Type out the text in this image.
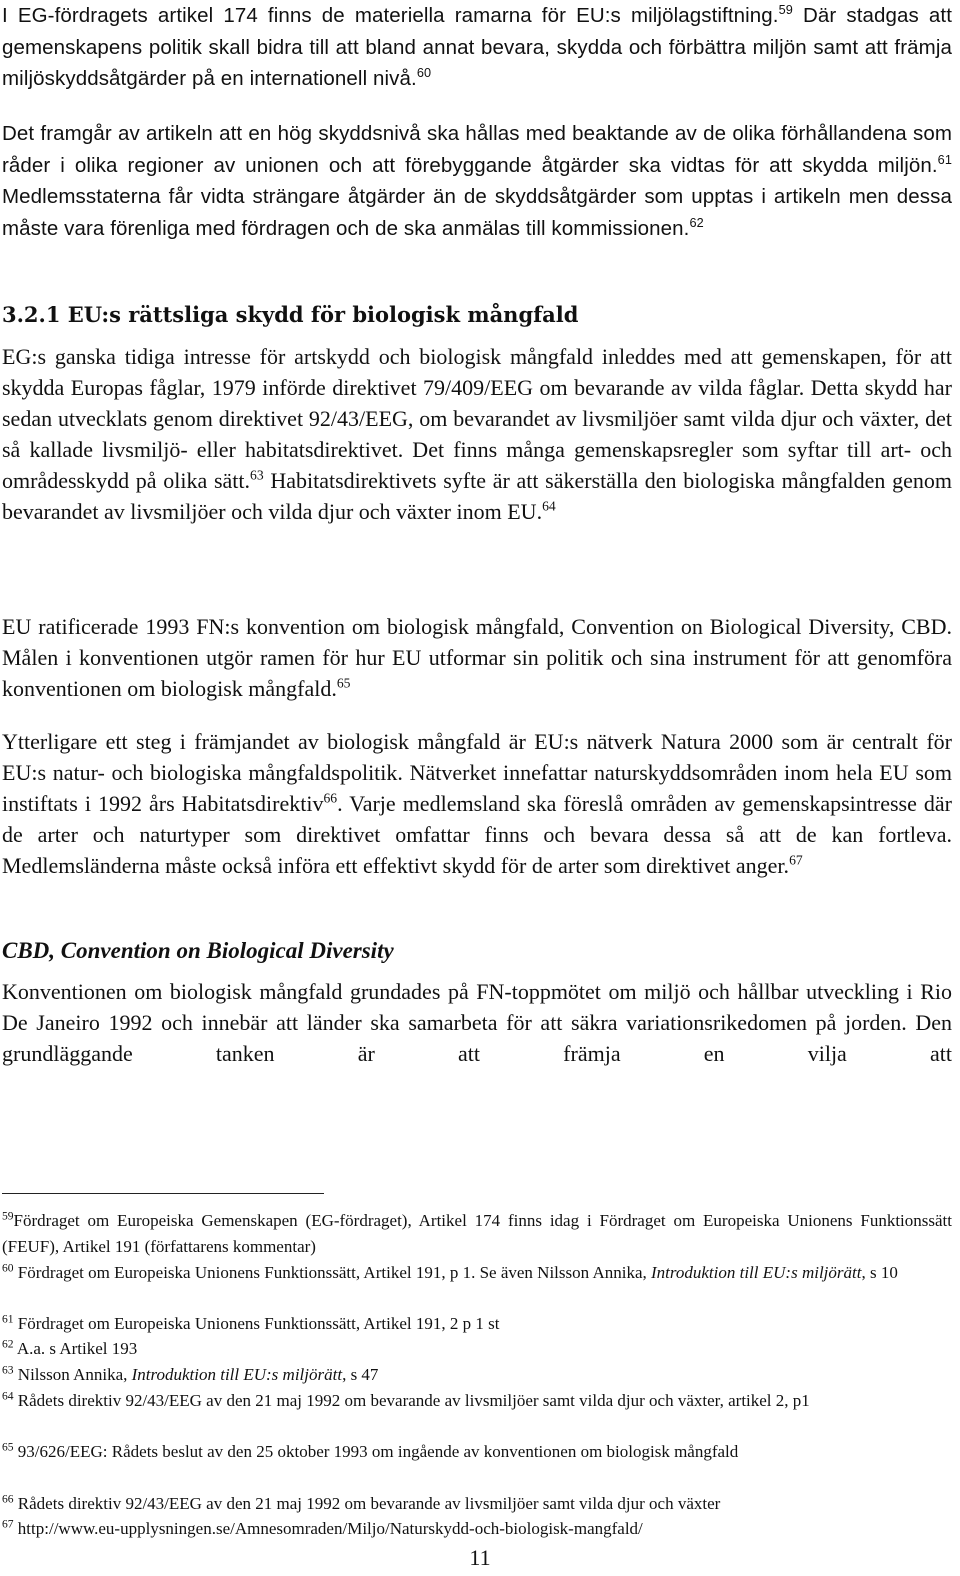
I EG-fördragets artikel 174 finns de materiella ramarna för EU:s miljölagstiftning.$^{59}$ Där stadgas att gemenskapens politik skall bidra till att bland annat bevara, skydda och förbättra miljön samt att främja miljöskyddsåtgärder på en internationell nivå.$^{60}$

Det framgår av artikeln att en hög skyddsnivå ska hållas med beaktande av de olika förhållandena som råder i olika regioner av unionen och att förebyggande åtgärder ska vidtas för att skydda miljön.$^{61}$ Medlemsstaterna får vidta strängare åtgärder än de skyddsåtgärder som upptas i artikeln men dessa måste vara förenliga med fördragen och de ska anmälas till kommissionen.$^{62}$

3.2.1 EU:s rättsliga skydd för biologisk mångfald

EG:s ganska tidiga intresse för artskydd och biologisk mångfald inleddes med att gemenskapen, för att skydda Europas fåglar, 1979 införde direktivet 79/409/EEG om bevarande av vilda fåglar. Detta skydd har sedan utvecklats genom direktivet 92/43/EEG, om bevarandet av livsmiljöer samt vilda djur och växter, det så kallade livsmiljö- eller habitatsdirektivet. Det finns många gemenskapsregler som syftar till art- och områdesskydd på olika sätt.$^{63}$ Habitatsdirektivets syfte är att säkerställa den biologiska mångfalden genom bevarandet av livsmiljöer och vilda djur och växter inom EU.$^{64}$

EU ratificerade 1993 FN:s konvention om biologisk mångfald, Convention on Biological Diversity, CBD. Målen i konventionen utgör ramen för hur EU utformar sin politik och sina instrument för att genomföra konventionen om biologisk mångfald.$^{65}$

Ytterligare ett steg i främjandet av biologisk mångfald är EU:s nätverk Natura 2000 som är centralt för EU:s natur- och biologiska mångfaldspolitik. Nätverket innefattar naturskyddsområden inom hela EU som instiftats i 1992 års Habitatsdirektiv$^{66}$. Varje medlemsland ska föreslå områden av gemenskapsintresse där de arter och naturtyper som direktivet omfattar finns och bevara dessa så att de kan fortleva. Medlemsländerna måste också införa ett effektivt skydd för de arter som direktivet anger.$^{67}$

CBD, Convention on Biological Diversity

Konventionen om biologisk mångfald grundades på FN-toppmötet om miljö och hållbar utveckling i Rio De Janeiro 1992 och innebär att länder ska samarbeta för att säkra variationsrikedomen på jorden. Den grundläggande tanken är att främja en vilja att

$^{59}$Fördraget om Europeiska Gemenskapen (EG-fördraget), Artikel 174 finns idag i Fördraget om Europeiska Unionens Funktionssätt (FEUF), Artikel 191 (författarens kommentar)

$^{60}$ Fördraget om Europeiska Unionens Funktionssätt, Artikel 191, p 1. Se även Nilsson Annika, Introduktion till EU:s miljörätt, s 10

$^{61}$ Fördraget om Europeiska Unionens Funktionssätt, Artikel 191, 2 p 1 st

$^{62}$ A.a. s Artikel 193

$^{63}$ Nilsson Annika, Introduktion till EU:s miljörätt, s 47

$^{64}$ Rådets direktiv 92/43/EEG av den 21 maj 1992 om bevarande av livsmiljöer samt vilda djur och växter, artikel 2, p1

$^{65}$ 93/626/EEG: Rådets beslut av den 25 oktober 1993 om ingående av konventionen om biologisk mångfald

$^{66}$ Rådets direktiv 92/43/EEG av den 21 maj 1992 om bevarande av livsmiljöer samt vilda djur och växter

$^{67}$ http://www.eu-upplysningen.se/Amnesomraden/Miljo/Naturskydd-och-biologisk-mangfald/

11
